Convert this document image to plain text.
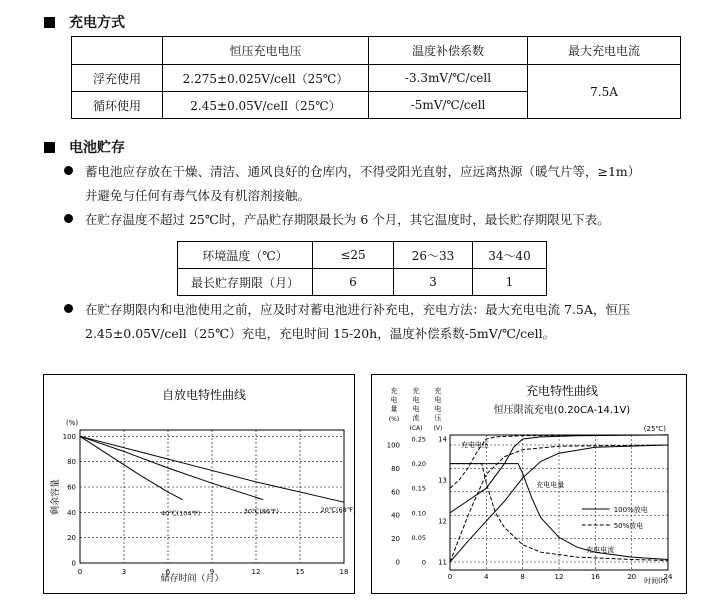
充电方式
	恒压充电电压	温度补偿系数	最大充电电流
浮充使用	2.275±0.025V/cell（25℃）	-3.3mV/℃/cell	7.5A
循环使用	2.45±0.05V/cell（25℃）	-5mV/℃/cell	
电池贮存
蓄电池应存放在干燥、清洁、通风良好的仓库内，不得受阳光直射，应远离热源（暖气片等，≥1m）
并避免与任何有毒气体及有机溶剂接触。
在贮存温度不超过 25℃时，产品贮存期限最长为 6 个月，其它温度时，最长贮存期限见下表。
环境温度（℃）	≤25	26～33	34～40
最长贮存期限（月）	6	3	1
在贮存期限内和电池使用之前，应及时对蓄电池进行补充电，充电方法：最大充电电流 7.5A，恒压
2.45±0.05V/cell（25℃）充电，充电时间 15-20h，温度补偿系数-5mV/℃/cell。
自放电特性曲线
(%)
储存时间（月）
剩余容量
0	3	6	9	12	15	18
0
20
40
60
80
100
40℃(104℉)	30℃(86℉)	20℃(68℉)
充电特性曲线
恒压限流充电(0.20CA-14.1V)
(25℃)
时间(h)
充
电
量
(%)
充
电
电
流
(CA)
充
电
电
压
(V)
0	4	8	12	16	20	24
0
20
40
60
80
100
0
0.05
0.10
0.15
0.20
0.25
11
12
13
14
充电电压
充电电量
充电电流
100%放电
50%放电
